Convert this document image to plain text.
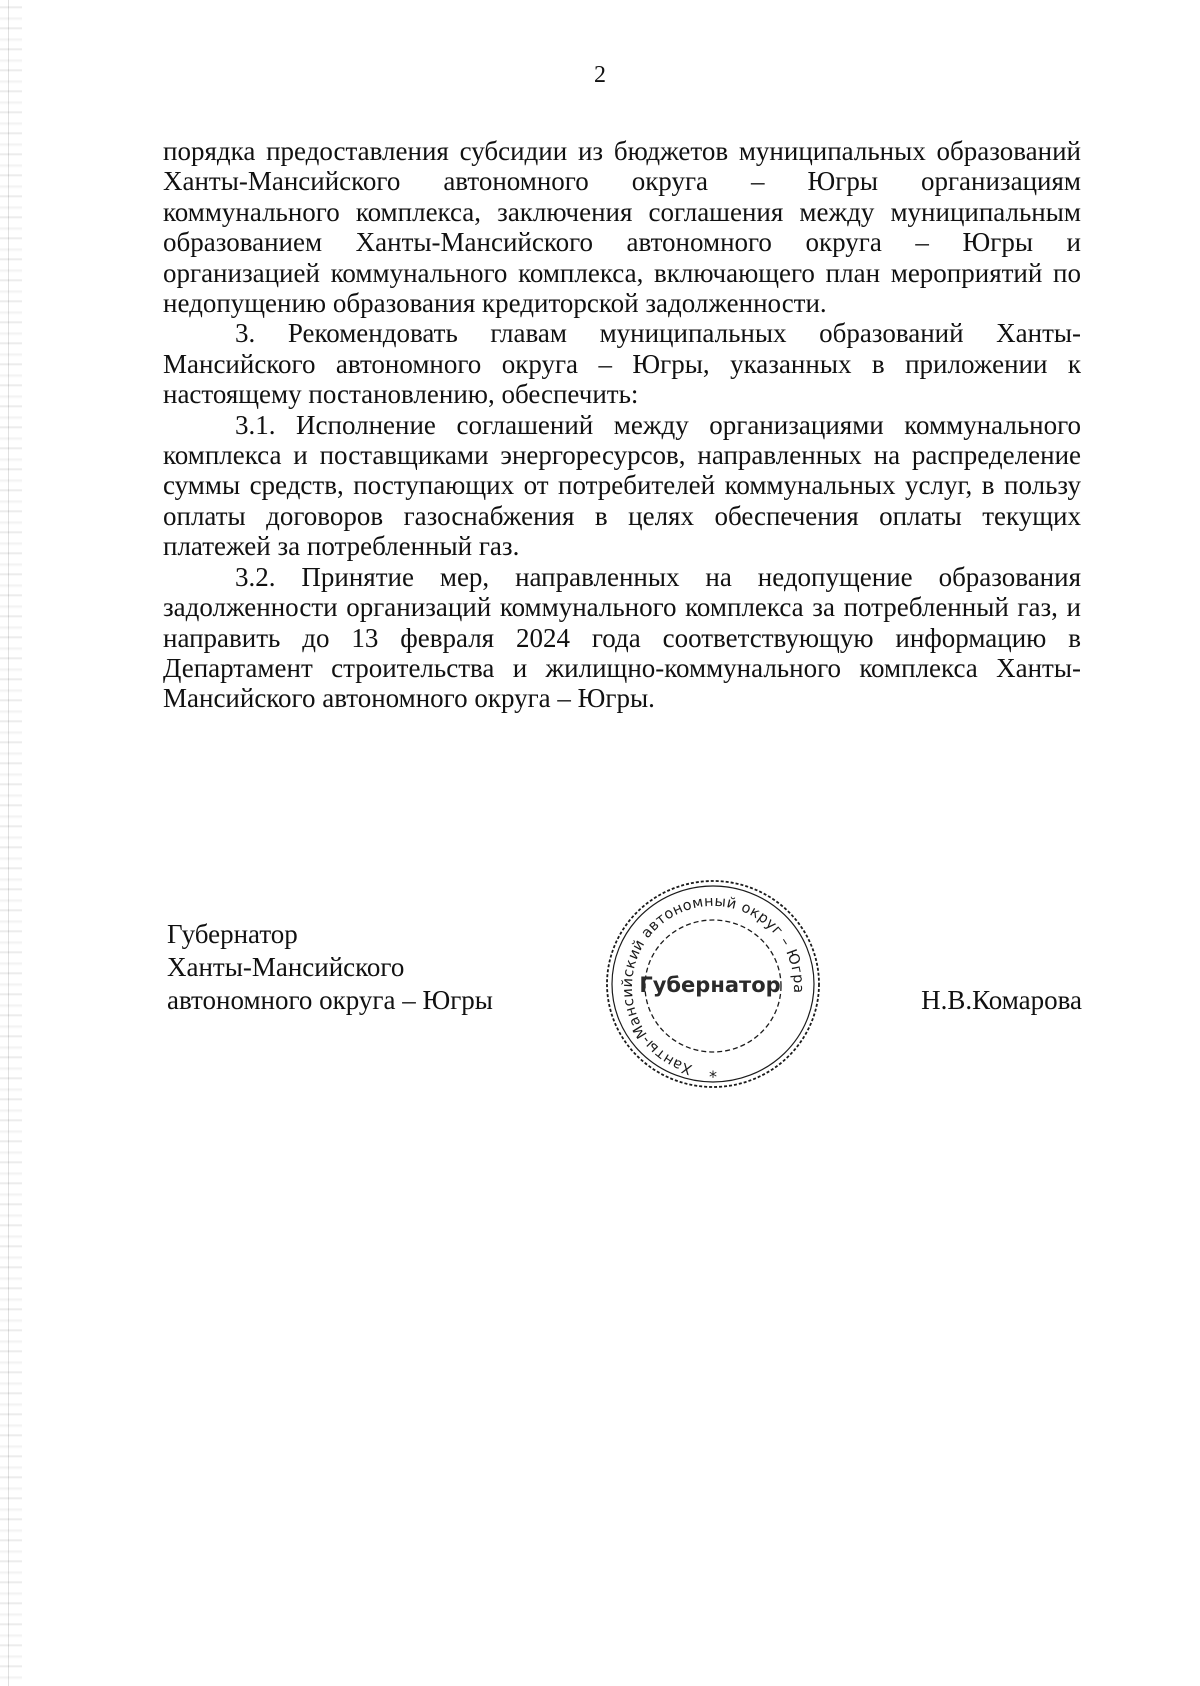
2

порядка предоставления субсидии из бюджетов муниципальных образований Ханты-Мансийского автономного округа – Югры организациям коммунального комплекса, заключения соглашения между муниципальным образованием Ханты-Мансийского автономного округа – Югры и организацией коммунального комплекса, включающего план мероприятий по недопущению образования кредиторской задолженности.

3. Рекомендовать главам муниципальных образований Ханты-Мансийского автономного округа – Югры, указанных в приложении к настоящему постановлению, обеспечить:

3.1. Исполнение соглашений между организациями коммунального комплекса и поставщиками энергоресурсов, направленных на распределение суммы средств, поступающих от потребителей коммунальных услуг, в пользу оплаты договоров газоснабжения в целях обеспечения оплаты текущих платежей за потребленный газ.

3.2. Принятие мер, направленных на недопущение образования задолженности организаций коммунального комплекса за потребленный газ, и направить до 13 февраля 2024 года соответствующую информацию в Департамент строительства и жилищно-коммунального комплекса Ханты-Мансийского автономного округа – Югры.

Губернатор
Ханты-Мансийского
автономного округа – Югры	Н.В.Комарова
Ханты-Мансийский автономный округ – Югра
Губернатор
*
